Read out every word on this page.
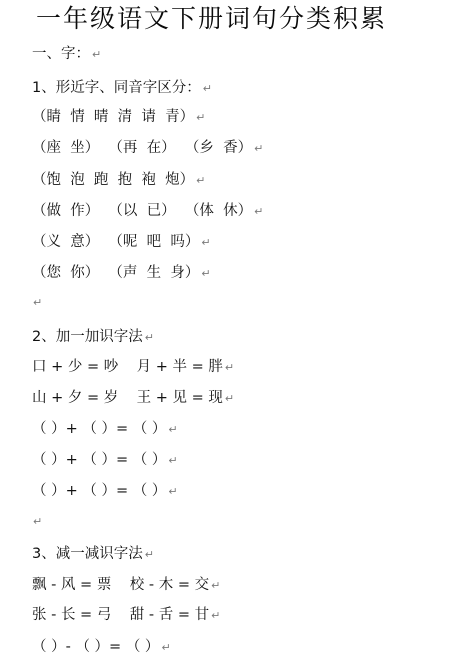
一年级语文下册词句分类积累
一、字： ↵
1、形近字、同音字区分： ↵
（睛  情  晴  清  请  青） ↵
（座  坐）  （再  在）  （乡  香） ↵
（饱  泡  跑  抱  袍  炮） ↵
（做  作）  （以  已）  （体  休） ↵
（义  意）  （呢  吧  吗） ↵
（您  你）  （声  生  身） ↵
↵
2、加一加识字法 ↵
口 + 少 = 吵    月 + 半 = 胖 ↵
山 + 夕 = 岁    王 + 见 = 现 ↵
（ ）+ （ ）= （ ） ↵
（ ）+ （ ）= （ ） ↵
（ ）+ （ ）= （ ） ↵
↵
3、减一减识字法 ↵
飘 - 风 = 票    校 - 木 = 交 ↵
张 - 长 = 弓    甜 - 舌 = 甘 ↵
（ ）- （ ）= （ ） ↵
